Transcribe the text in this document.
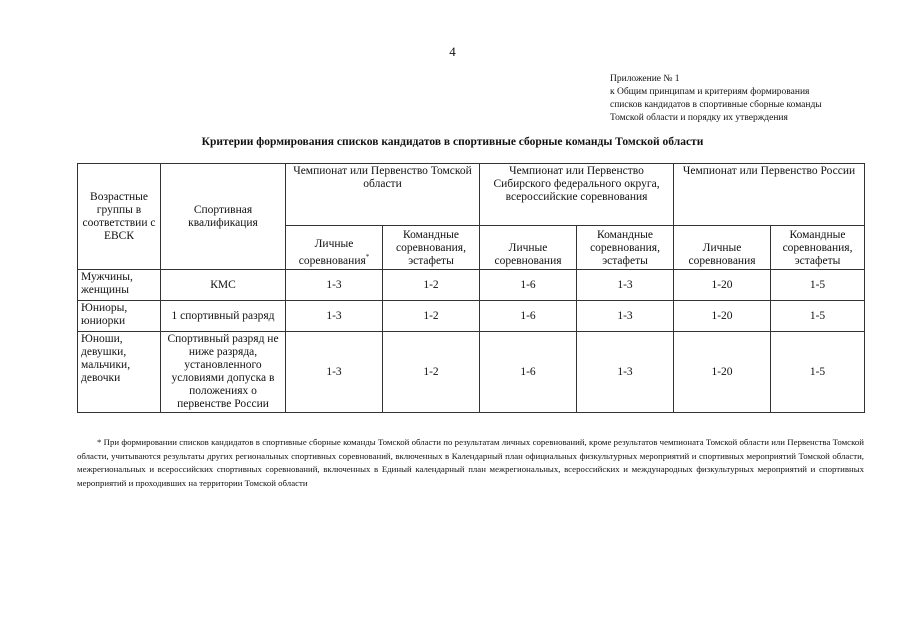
4
Приложение № 1
к Общим принципам и критериям формирования
списков кандидатов в спортивные сборные команды
Томской области и порядку их утверждения
Критерии формирования списков кандидатов в спортивные сборные команды Томской области
Возрастные группы в соответствии с ЕВСК	Спортивная квалификация	Чемпионат или Первенство Томской области		Чемпионат или Первенство Сибирского федерального округа, всероссийские соревнования		Чемпионат или Первенство России	
		Личные соревнования*	Командные соревнования, эстафеты	Личные соревнования	Командные соревнования, эстафеты	Личные соревнования	Командные соревнования, эстафеты
Мужчины, женщины	КМС	1-3	1-2	1-6	1-3	1-20	1-5
Юниоры, юниорки	1 спортивный разряд	1-3	1-2	1-6	1-3	1-20	1-5
Юноши, девушки, мальчики, девочки	Спортивный разряд не ниже разряда, установленного условиями допуска в положениях о первенстве России	1-3	1-2	1-6	1-3	1-20	1-5
* При формировании списков кандидатов в спортивные сборные команды Томской области по результатам личных соревнований, кроме результатов чемпионата Томской области или Первенства Томской области, учитываются результаты других региональных спортивных соревнований, включенных в Календарный план официальных физкультурных мероприятий и спортивных мероприятий Томской области, межрегиональных и всероссийских спортивных соревнований, включенных в Единый календарный план межрегиональных, всероссийских и международных физкультурных мероприятий и спортивных мероприятий и проходивших на территории Томской области
